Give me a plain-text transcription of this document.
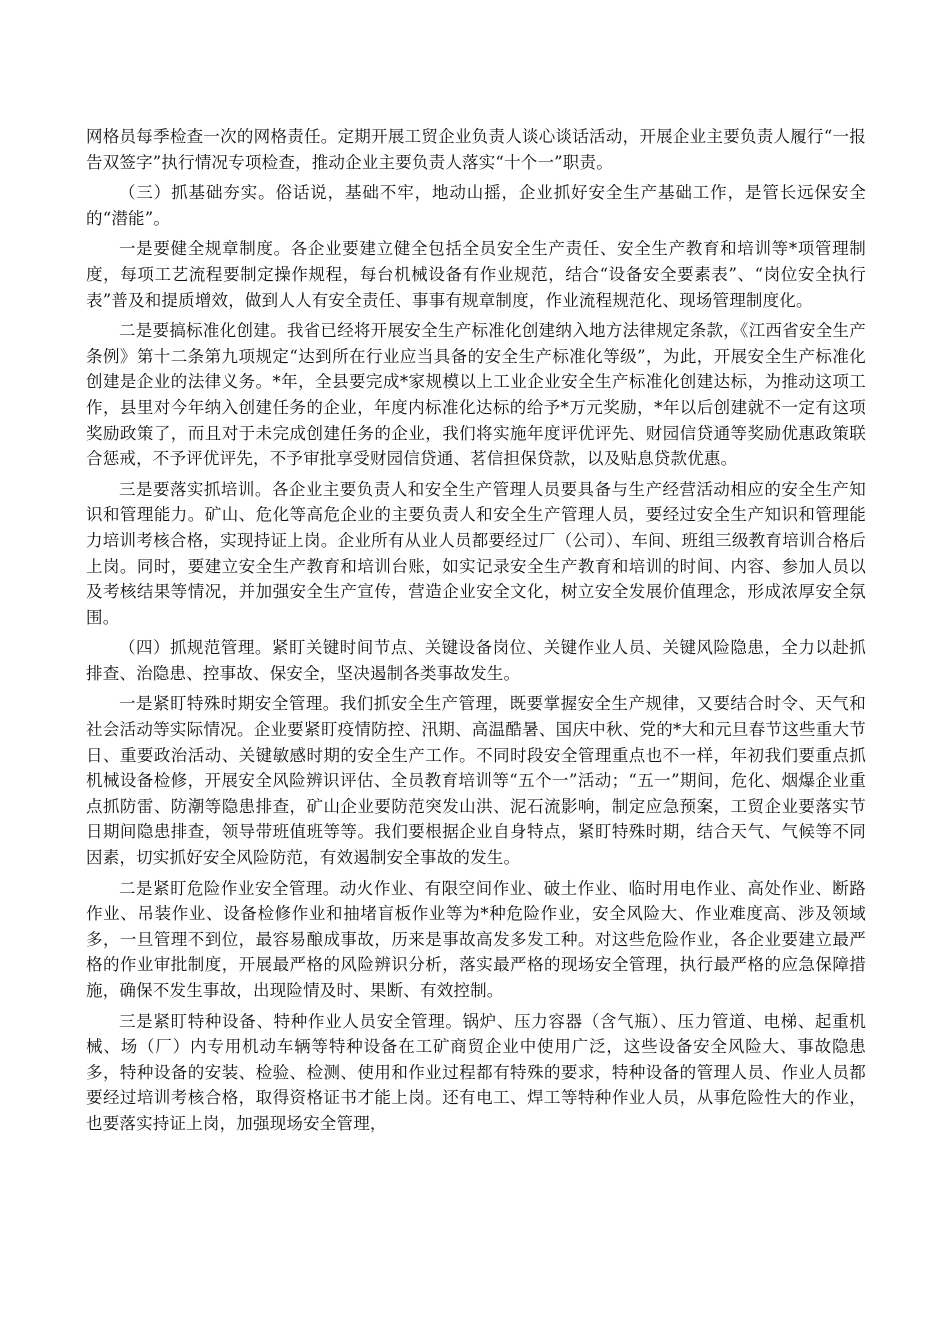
网格员每季检查一次的网格责任。定期开展工贸企业负责人谈心谈话活动，开展企业主要负责人履行“一报告双签字”执行情况专项检查，推动企业主要负责人落实“十个一”职责。

（三）抓基础夯实。俗话说，基础不牢，地动山摇，企业抓好安全生产基础工作，是管长远保安全的“潜能”。

一是要健全规章制度。各企业要建立健全包括全员安全生产责任、安全生产教育和培训等*项管理制度，每项工艺流程要制定操作规程，每台机械设备有作业规范，结合“设备安全要素表”、“岗位安全执行表”普及和提质增效，做到人人有安全责任、事事有规章制度，作业流程规范化、现场管理制度化。

二是要搞标准化创建。我省已经将开展安全生产标准化创建纳入地方法律规定条款，《江西省安全生产条例》第十二条第九项规定“达到所在行业应当具备的安全生产标准化等级”，为此，开展安全生产标准化创建是企业的法律义务。*年，全县要完成*家规模以上工业企业安全生产标准化创建达标，为推动这项工作，县里对今年纳入创建任务的企业，年度内标准化达标的给予*万元奖励，*年以后创建就不一定有这项奖励政策了，而且对于未完成创建任务的企业，我们将实施年度评优评先、财园信贷通等奖励优惠政策联合惩戒，不予评优评先，不予审批享受财园信贷通、茗信担保贷款，以及贴息贷款优惠。

三是要落实抓培训。各企业主要负责人和安全生产管理人员要具备与生产经营活动相应的安全生产知识和管理能力。矿山、危化等高危企业的主要负责人和安全生产管理人员，要经过安全生产知识和管理能力培训考核合格，实现持证上岗。企业所有从业人员都要经过厂（公司）、车间、班组三级教育培训合格后上岗。同时，要建立安全生产教育和培训台账，如实记录安全生产教育和培训的时间、内容、参加人员以及考核结果等情况，并加强安全生产宣传，营造企业安全文化，树立安全发展价值理念，形成浓厚安全氛围。

（四）抓规范管理。紧盯关键时间节点、关键设备岗位、关键作业人员、关键风险隐患，全力以赴抓排查、治隐患、控事故、保安全，坚决遏制各类事故发生。

一是紧盯特殊时期安全管理。我们抓安全生产管理，既要掌握安全生产规律，又要结合时令、天气和社会活动等实际情况。企业要紧盯疫情防控、汛期、高温酷暑、国庆中秋、党的*大和元旦春节这些重大节日、重要政治活动、关键敏感时期的安全生产工作。不同时段安全管理重点也不一样，年初我们要重点抓机械设备检修，开展安全风险辨识评估、全员教育培训等“五个一”活动；“五一”期间，危化、烟爆企业重点抓防雷、防潮等隐患排查，矿山企业要防范突发山洪、泥石流影响，制定应急预案，工贸企业要落实节日期间隐患排查，领导带班值班等等。我们要根据企业自身特点，紧盯特殊时期，结合天气、气候等不同因素，切实抓好安全风险防范，有效遏制安全事故的发生。

二是紧盯危险作业安全管理。动火作业、有限空间作业、破土作业、临时用电作业、高处作业、断路作业、吊装作业、设备检修作业和抽堵盲板作业等为*种危险作业，安全风险大、作业难度高、涉及领域多，一旦管理不到位，最容易酿成事故，历来是事故高发多发工种。对这些危险作业，各企业要建立最严格的作业审批制度，开展最严格的风险辨识分析，落实最严格的现场安全管理，执行最严格的应急保障措施，确保不发生事故，出现险情及时、果断、有效控制。

三是紧盯特种设备、特种作业人员安全管理。锅炉、压力容器（含气瓶）、压力管道、电梯、起重机械、场（厂）内专用机动车辆等特种设备在工矿商贸企业中使用广泛，这些设备安全风险大、事故隐患多，特种设备的安装、检验、检测、使用和作业过程都有特殊的要求，特种设备的管理人员、作业人员都要经过培训考核合格，取得资格证书才能上岗。还有电工、焊工等特种作业人员，从事危险性大的作业，也要落实持证上岗，加强现场安全管理，
